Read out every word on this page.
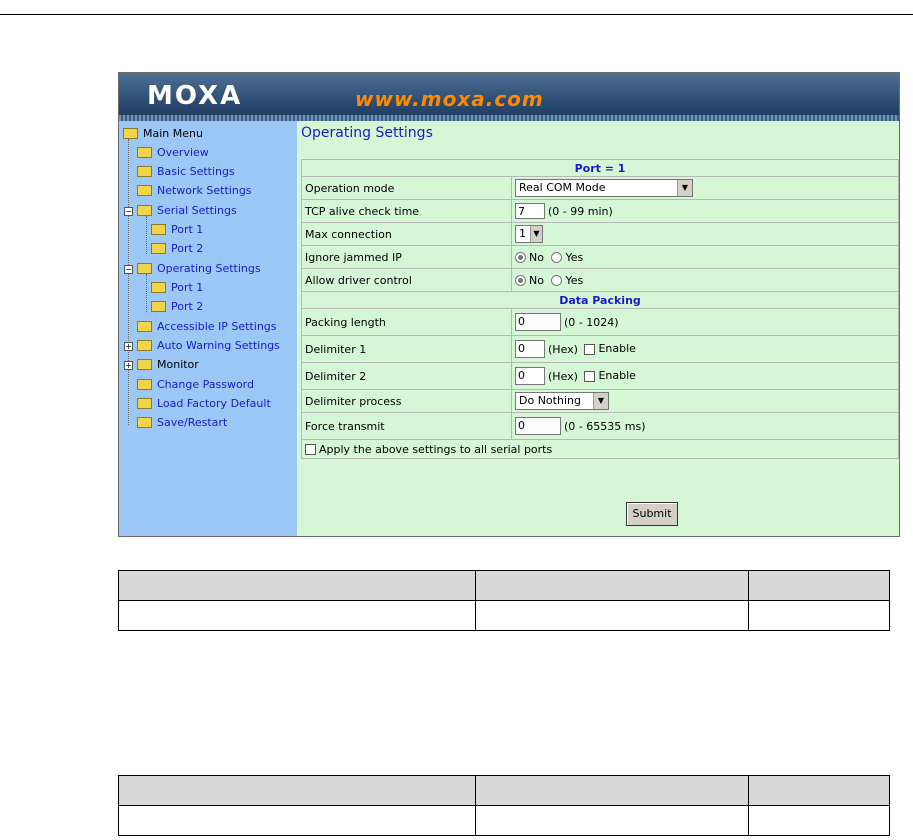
MOXA	www.moxa.com
Main Menu
Overview
Basic Settings
Network Settings
−	Serial Settings
Port 1
Port 2
−	Operating Settings
Port 1
Port 2
Accessible IP Settings
+	Auto Warning Settings
+	Monitor
Change Password
Load Factory Default
Save/Restart
Operating Settings
Port = 1	
Operation mode	Real COM Mode ▼

TCP alive check time	7 (0 - 99 min)
Max connection	1 ▼

Ignore jammed IP	No Yes
Allow driver control	No Yes
Data Packing	
Packing length	0 (0 - 1024)
Delimiter 1	0 (Hex) Enable
Delimiter 2	0 (Hex) Enable
Delimiter process	Do Nothing ▼

Force transmit	0 (0 - 65535 ms)
Apply the above settings to all serial ports	
Submit
